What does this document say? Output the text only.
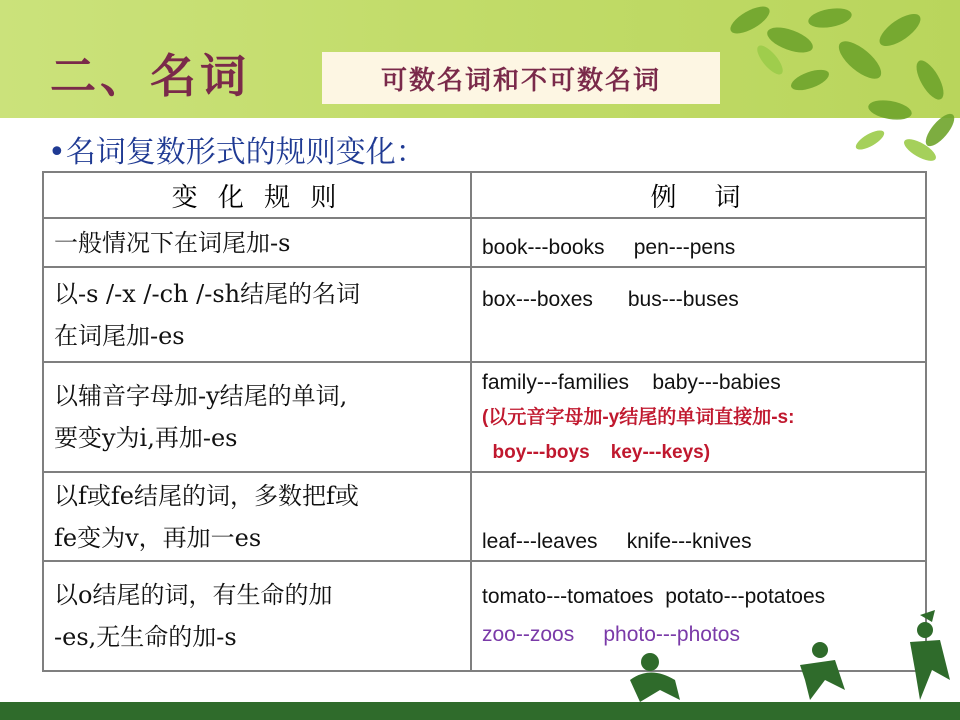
二、名词	可数名词和不可数名词

•名词复数形式的规则变化：

变 化 规 则	例　词

一般情况下在词尾加-s	book---books     pen---pens

以-s /-x /-ch /-sh结尾的名词
在词尾加-es	box---boxes      bus---buses

以辅音字母加-y结尾的单词,
要变y为i,再加-es	family---families    baby---babies
(以元音字母加-y结尾的单词直接加-s:
boy---boys    key---keys)

以f或fe结尾的词，多数把f或
fe变为v，再加一es	leaf---leaves     knife---knives

以o结尾的词，有生命的加
-es,无生命的加-s	tomato---tomatoes  potato---potatoes
zoo--zoos     photo---photos
